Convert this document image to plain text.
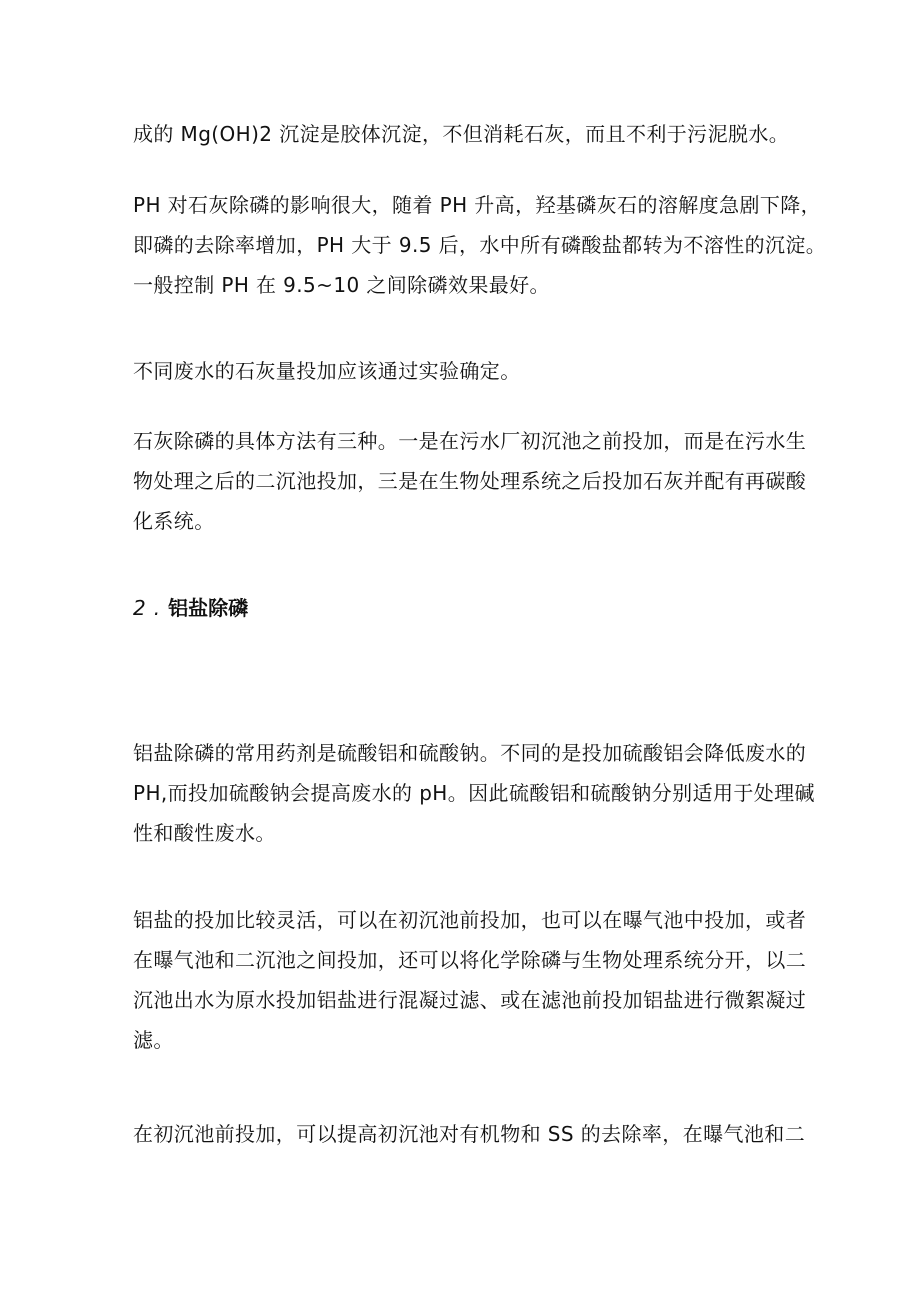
成的 Mg(OH)2 沉淀是胶体沉淀，不但消耗石灰，而且不利于污泥脱水。

PH 对石灰除磷的影响很大，随着 PH 升高，羟基磷灰石的溶解度急剧下降，
即磷的去除率增加，PH 大于 9.5 后，水中所有磷酸盐都转为不溶性的沉淀。
一般控制 PH 在 9.5~10 之间除磷效果最好。

不同废水的石灰量投加应该通过实验确定。

石灰除磷的具体方法有三种。一是在污水厂初沉池之前投加，而是在污水生
物处理之后的二沉池投加，三是在生物处理系统之后投加石灰并配有再碳酸
化系统。

2 . 铝盐除磷

铝盐除磷的常用药剂是硫酸铝和硫酸钠。不同的是投加硫酸铝会降低废水的
PH,而投加硫酸钠会提高废水的 pH。因此硫酸铝和硫酸钠分别适用于处理碱
性和酸性废水。

铝盐的投加比较灵活，可以在初沉池前投加，也可以在曝气池中投加，或者
在曝气池和二沉池之间投加，还可以将化学除磷与生物处理系统分开，以二
沉池出水为原水投加铝盐进行混凝过滤、或在滤池前投加铝盐进行微絮凝过
滤。

在初沉池前投加，可以提高初沉池对有机物和 SS 的去除率，在曝气池和二
